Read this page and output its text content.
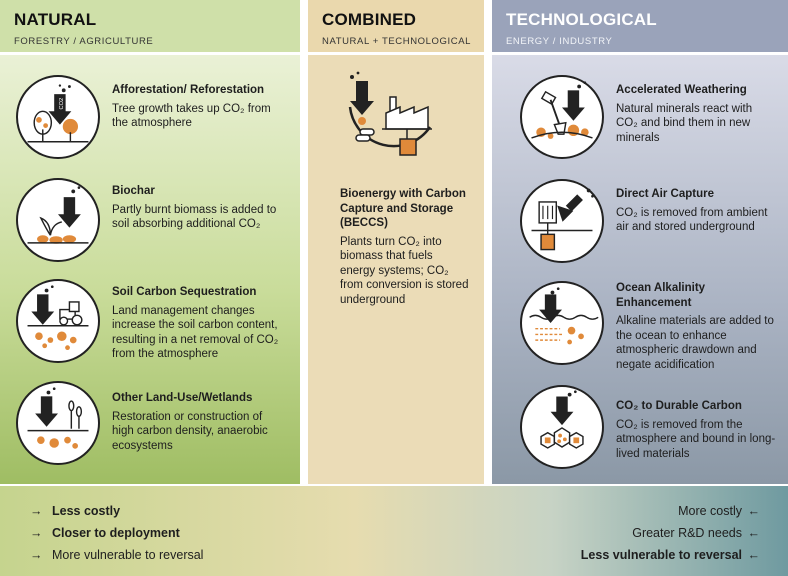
NATURAL
FORESTRY / AGRICULTURE
CO2
Afforestation/ Reforestation
Tree growth takes up CO₂ from the atmosphere
Biochar
Partly burnt biomass is added to soil absorbing additional CO₂
Soil Carbon Sequestration
Land management changes increase the soil carbon content, resulting in a net removal of CO₂ from the atmosphere
Other Land-Use/Wetlands
Restoration or construction of high carbon density, anaerobic ecosystems
COMBINED
NATURAL + TECHNOLOGICAL
Bioenergy with Carbon Capture and Storage (BECCS)
Plants turn CO₂ into biomass that fuels energy systems; CO₂ from conversion is stored underground
TECHNOLOGICAL
ENERGY / INDUSTRY
Accelerated Weathering
Natural minerals react with CO₂ and bind them in new minerals
Direct Air Capture
CO₂ is removed from ambient air and stored underground
Ocean Alkalinity Enhancement
Alkaline materials are added to the ocean to enhance atmospheric drawdown and negate acidification
CO₂ to Durable Carbon
CO₂ is removed from the atmosphere and bound in long-lived materials
→ Less costly
→ Closer to deployment
→ More vulnerable to reversal
More costly ←
Greater R&D needs ←
Less vulnerable to reversal ←
